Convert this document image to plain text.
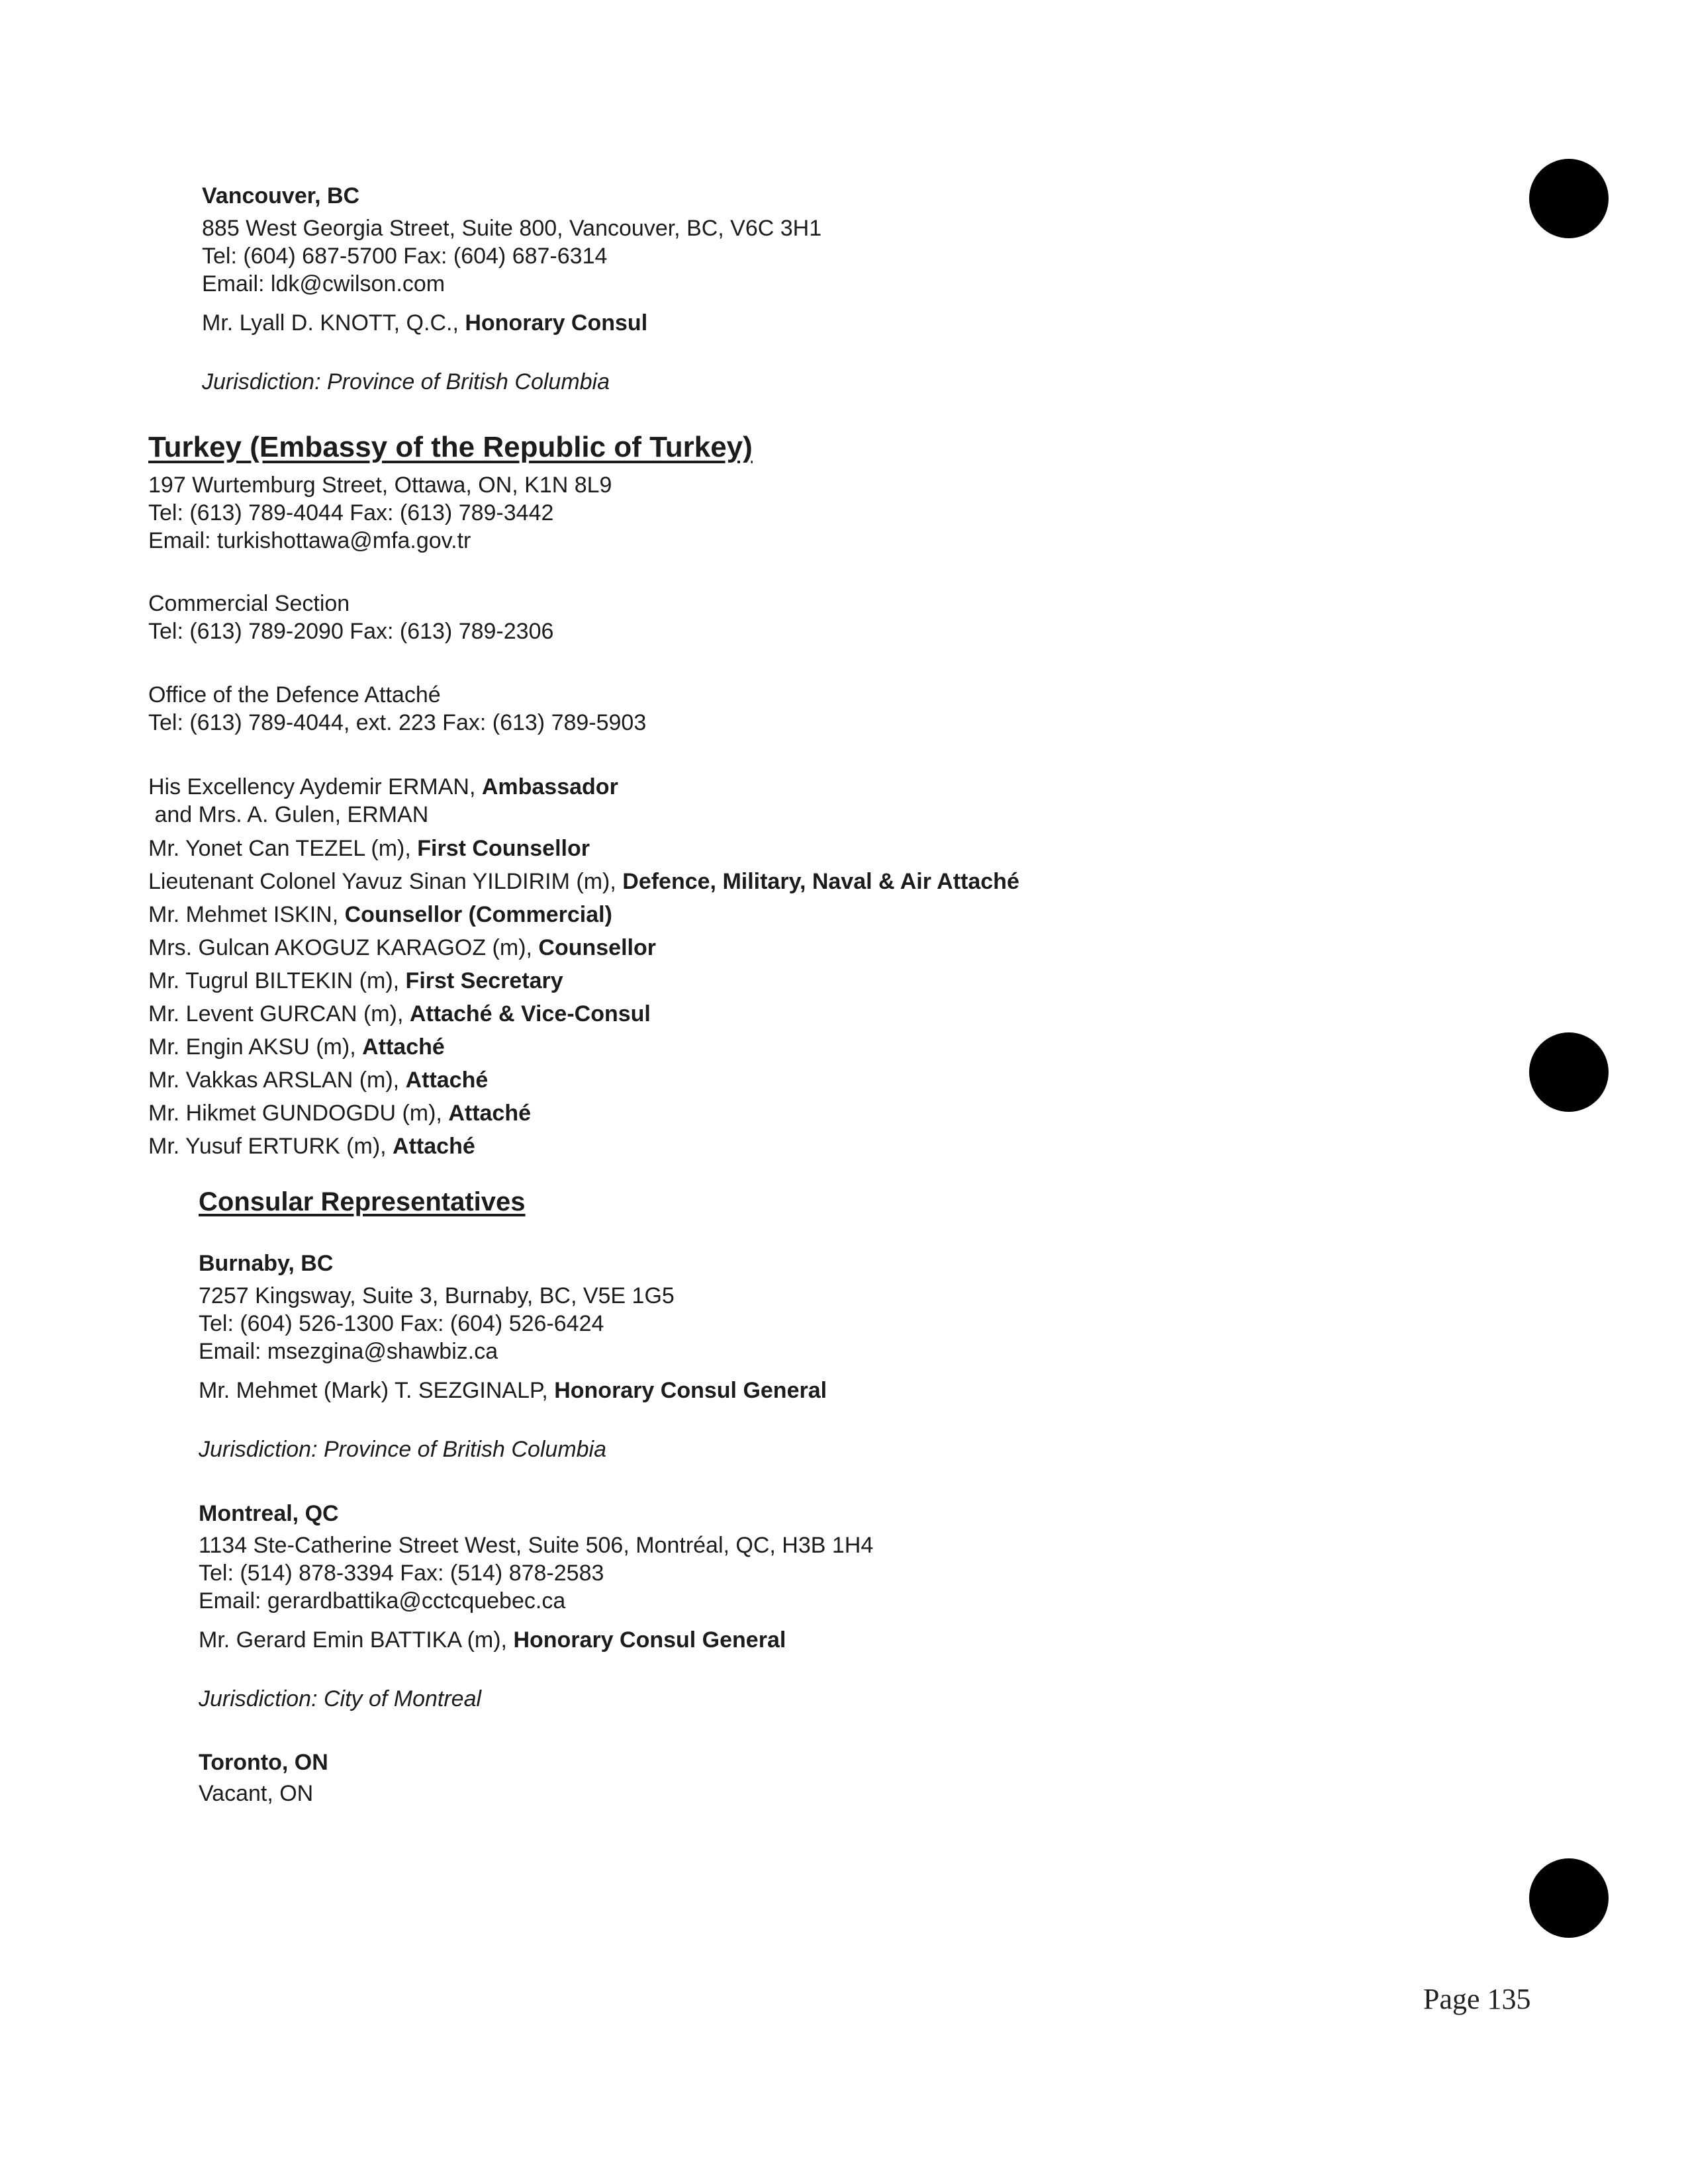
Vancouver, BC
885 West Georgia Street, Suite 800, Vancouver, BC, V6C 3H1
Tel: (604) 687-5700 Fax: (604) 687-6314
Email: ldk@cwilson.com
Mr. Lyall D. KNOTT, Q.C., Honorary Consul
Jurisdiction: Province of British Columbia
Turkey (Embassy of the Republic of Turkey)
197 Wurtemburg Street, Ottawa, ON, K1N 8L9
Tel: (613) 789-4044 Fax: (613) 789-3442
Email: turkishottawa@mfa.gov.tr
Commercial Section
Tel: (613) 789-2090 Fax: (613) 789-2306
Office of the Defence Attaché
Tel: (613) 789-4044, ext. 223 Fax: (613) 789-5903
His Excellency Aydemir ERMAN, Ambassador
and Mrs. A. Gulen, ERMAN
Mr. Yonet Can TEZEL (m), First Counsellor
Lieutenant Colonel Yavuz Sinan YILDIRIM (m), Defence, Military, Naval & Air Attaché
Mr. Mehmet ISKIN, Counsellor (Commercial)
Mrs. Gulcan AKOGUZ KARAGOZ (m), Counsellor
Mr. Tugrul BILTEKIN (m), First Secretary
Mr. Levent GURCAN (m), Attaché & Vice-Consul
Mr. Engin AKSU (m), Attaché
Mr. Vakkas ARSLAN (m), Attaché
Mr. Hikmet GUNDOGDU (m), Attaché
Mr. Yusuf ERTURK (m), Attaché
Consular Representatives
Burnaby, BC
7257 Kingsway, Suite 3, Burnaby, BC, V5E 1G5
Tel: (604) 526-1300 Fax: (604) 526-6424
Email: msezgina@shawbiz.ca
Mr. Mehmet (Mark) T. SEZGINALP, Honorary Consul General
Jurisdiction: Province of British Columbia
Montreal, QC
1134 Ste-Catherine Street West, Suite 506, Montréal, QC, H3B 1H4
Tel: (514) 878-3394 Fax: (514) 878-2583
Email: gerardbattika@cctcquebec.ca
Mr. Gerard Emin BATTIKA (m), Honorary Consul General
Jurisdiction: City of Montreal
Toronto, ON
Vacant, ON
Page 135
